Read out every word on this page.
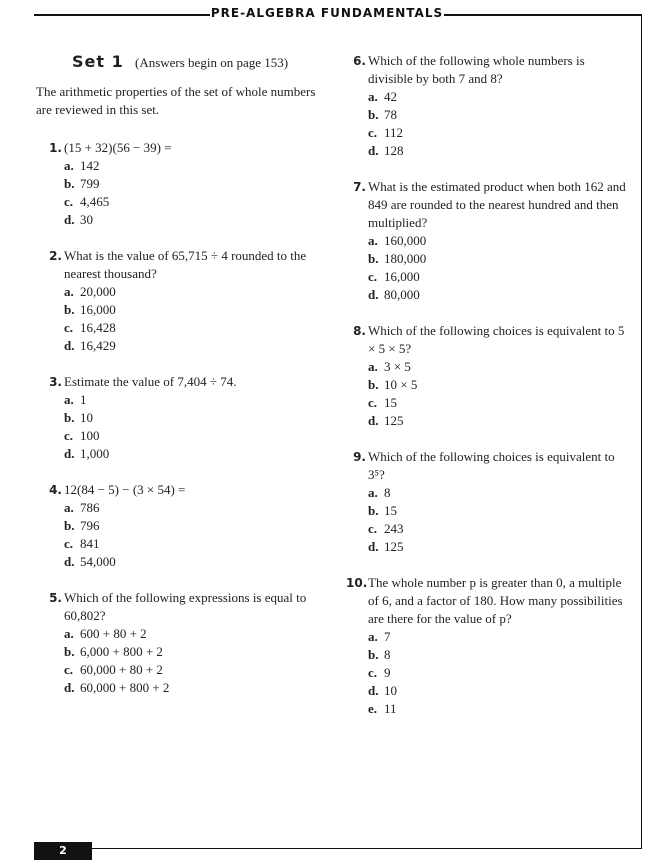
PRE-ALGEBRA FUNDAMENTALS
2
Set 1 (Answers begin on page 153)

The arithmetic properties of the set of whole numbers are reviewed in this set.

1. (15 + 32)(56 − 39) =
a. 142
b. 799
c. 4,465
d. 30
2. What is the value of 65,715 ÷ 4 rounded to the nearest thousand?
a. 20,000
b. 16,000
c. 16,428
d. 16,429
3. Estimate the value of 7,404 ÷ 74.
a. 1
b. 10
c. 100
d. 1,000
4. 12(84 − 5) − (3 × 54) =
a. 786
b. 796
c. 841
d. 54,000
5. Which of the following expressions is equal to 60,802?
a. 600 + 80 + 2
b. 6,000 + 800 + 2
c. 60,000 + 80 + 2
d. 60,000 + 800 + 2
6. Which of the following whole numbers is divisible by both 7 and 8?
a. 42
b. 78
c. 112
d. 128
7. What is the estimated product when both 162 and 849 are rounded to the nearest hundred and then multiplied?
a. 160,000
b. 180,000
c. 16,000
d. 80,000
8. Which of the following choices is equivalent to 5 × 5 × 5?
a. 3 × 5
b. 10 × 5
c. 15
d. 125
9. Which of the following choices is equivalent to 3⁵?
a. 8
b. 15
c. 243
d. 125
10. The whole number p is greater than 0, a multiple of 6, and a factor of 180. How many possibilities are there for the value of p?
a. 7
b. 8
c. 9
d. 10
e. 11
